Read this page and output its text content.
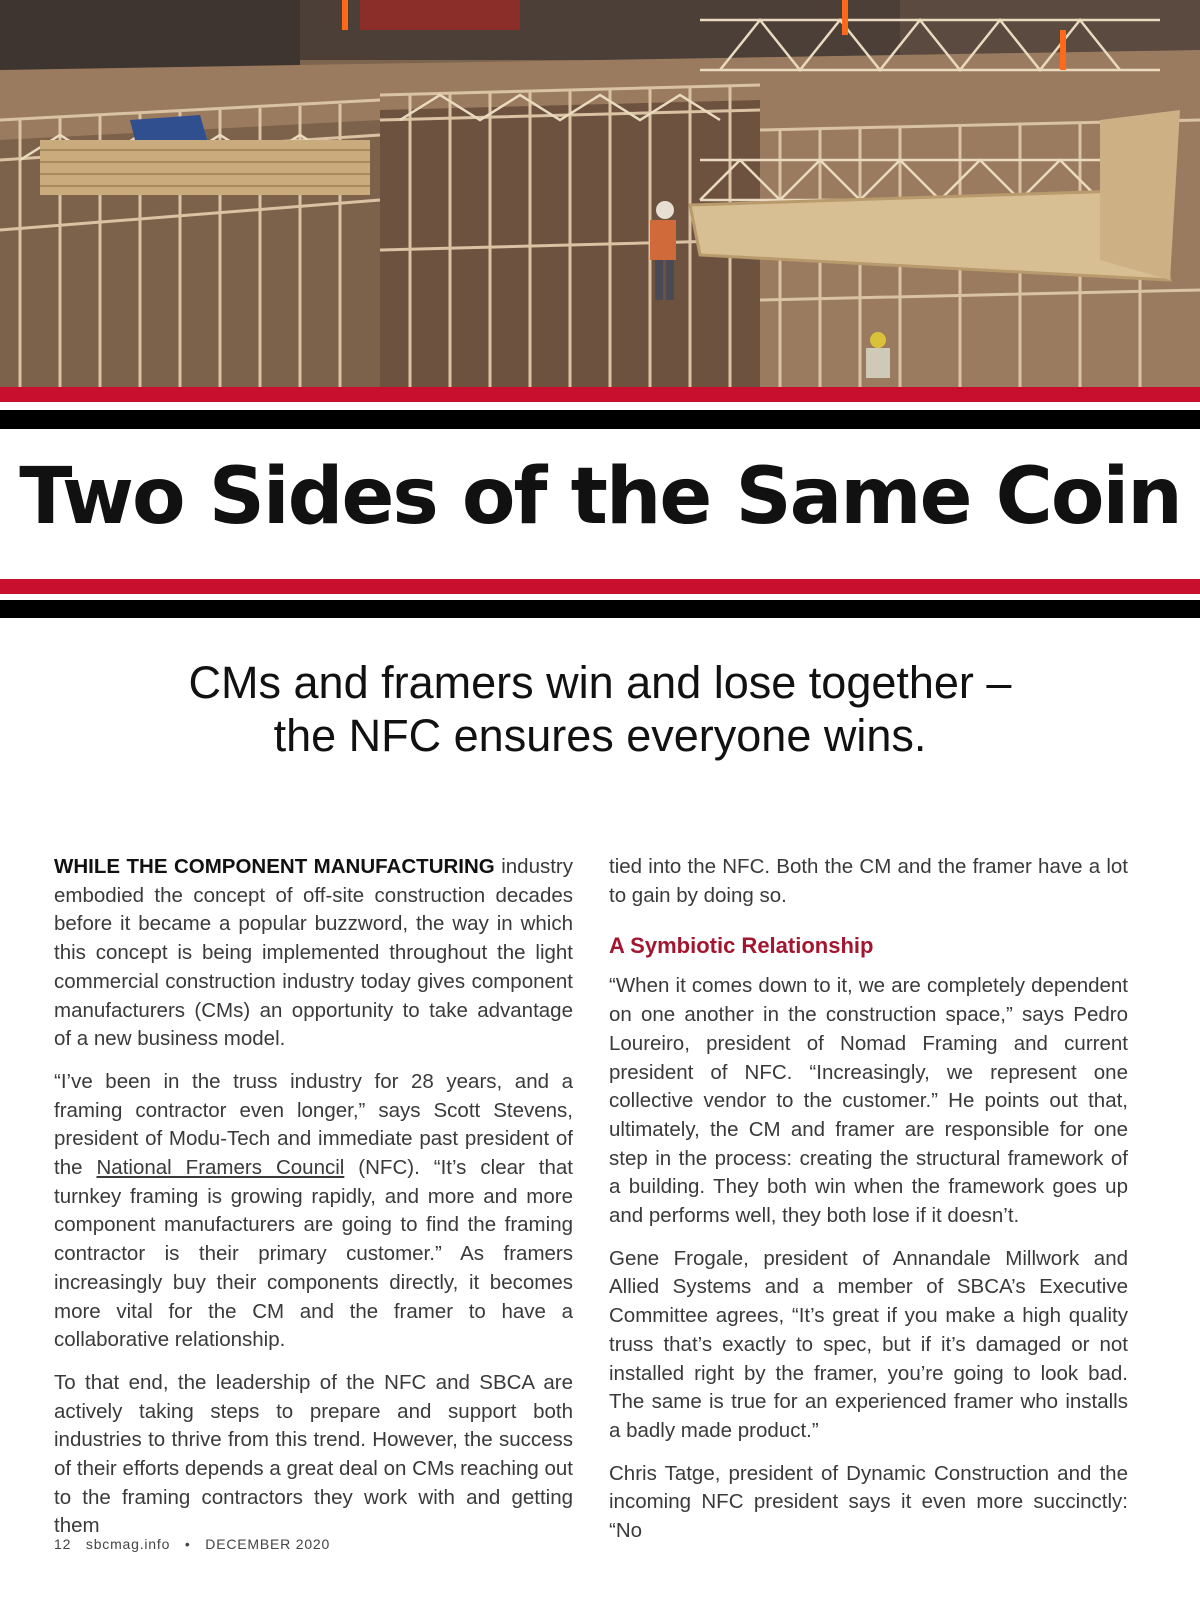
Two Sides of the Same Coin
CMs and framers win and lose together –
the NFC ensures everyone wins.

WHILE THE COMPONENT MANUFACTURING industry embodied the concept of off-site construction decades before it became a popular buzzword, the way in which this concept is being implemented throughout the light commercial construction industry today gives component manufacturers (CMs) an opportunity to take advantage of a new business model.

“I’ve been in the truss industry for 28 years, and a framing contractor even longer,” says Scott Stevens, president of Modu-Tech and immediate past president of the National Framers Council (NFC). “It’s clear that turnkey framing is growing rapidly, and more and more component manufacturers are going to find the framing contractor is their primary customer.” As framers increasingly buy their components directly, it becomes more vital for the CM and the framer to have a collaborative relationship.

To that end, the leadership of the NFC and SBCA are actively taking steps to prepare and support both industries to thrive from this trend. However, the success of their efforts depends a great deal on CMs reaching out to the framing contractors they work with and getting them

tied into the NFC. Both the CM and the framer have a lot to gain by doing so.

A Symbiotic Relationship

“When it comes down to it, we are completely dependent on one another in the construction space,” says Pedro Loureiro, president of Nomad Framing and current president of NFC. “Increasingly, we represent one collective vendor to the customer.” He points out that, ultimately, the CM and framer are responsible for one step in the process: creating the structural framework of a building. They both win when the framework goes up and performs well, they both lose if it doesn’t.

Gene Frogale, president of Annandale Millwork and Allied Systems and a member of SBCA’s Executive Committee agrees, “It’s great if you make a high quality truss that’s exactly to spec, but if it’s damaged or not installed right by the framer, you’re going to look bad. The same is true for an experienced framer who installs a badly made product.”

Chris Tatge, president of Dynamic Construction and the incoming NFC president says it even more succinctly: “No

12 sbcmag.info • DECEMBER 2020
